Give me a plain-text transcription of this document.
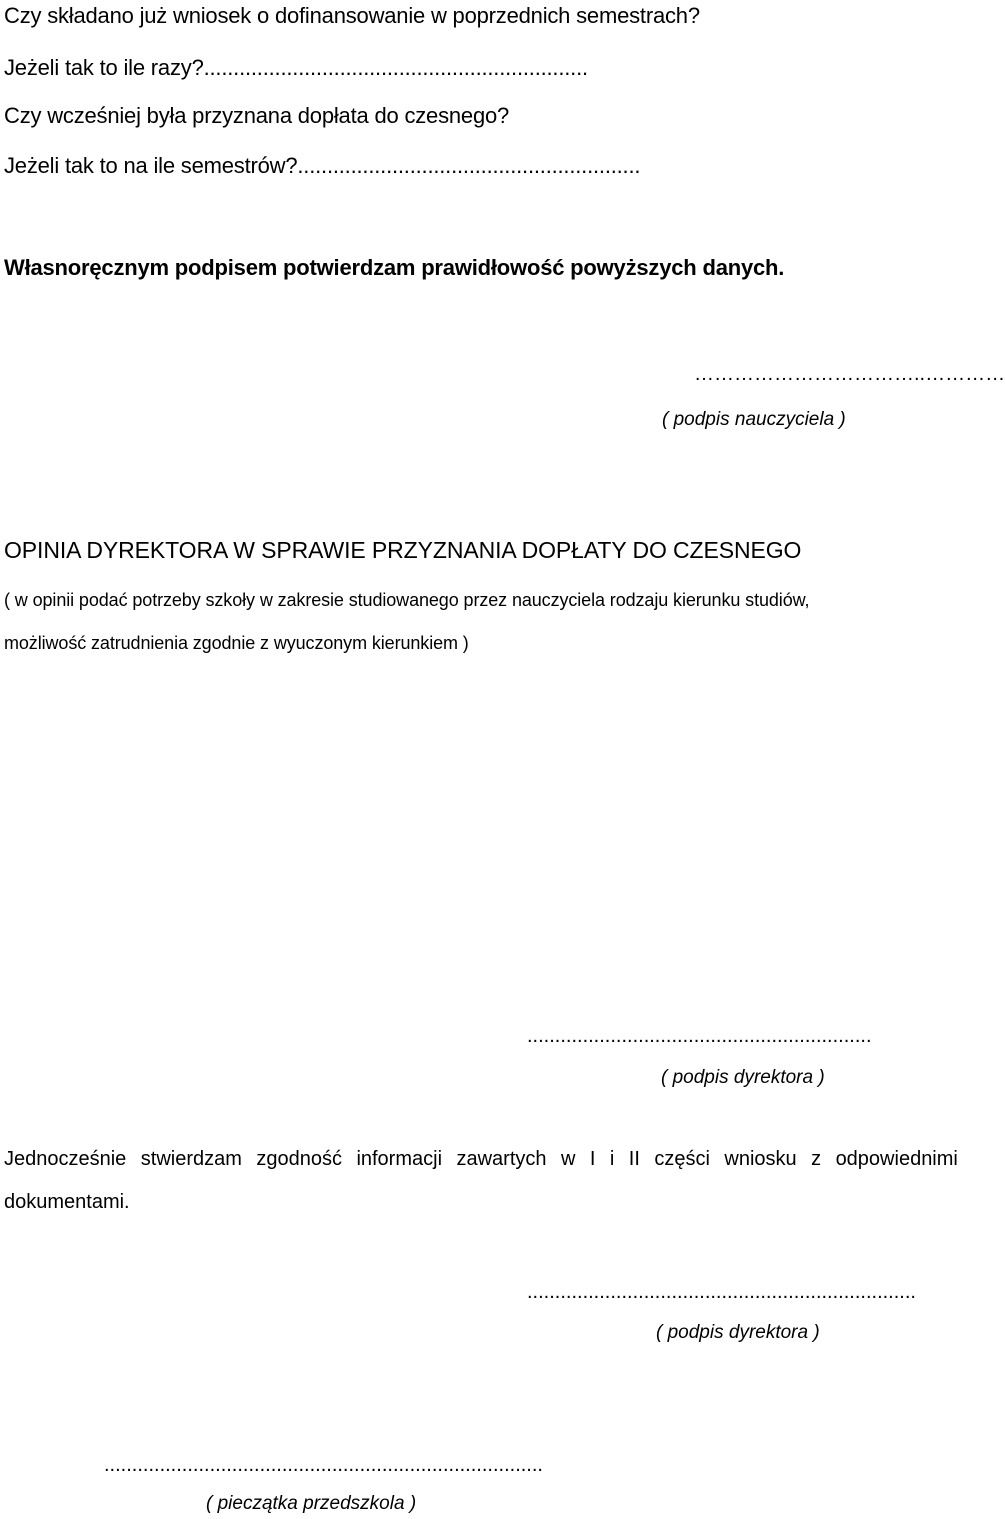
Czy składano już wniosek o dofinansowanie w poprzednich semestrach?
Jeżeli tak to ile razy?.................................................................
Czy wcześniej była przyznana dopłata do czesnego?
Jeżeli tak to na ile semestrów?..........................................................
Własnoręcznym podpisem potwierdzam prawidłowość powyższych danych.
……………………………..…………
( podpis nauczyciela )
OPINIA DYREKTORA W SPRAWIE PRZYZNANIA DOPŁATY DO CZESNEGO
( w opinii podać potrzeby szkoły w zakresie studiowanego przez nauczyciela rodzaju kierunku studiów,
możliwość zatrudnienia zgodnie z wyuczonym kierunkiem )
..............................................................
( podpis dyrektora )
Jednocześnie stwierdzam zgodność informacji zawartych w I i II części wniosku z odpowiednimi
dokumentami.
......................................................................
( podpis dyrektora )
...............................................................................
( pieczątka przedszkola )
